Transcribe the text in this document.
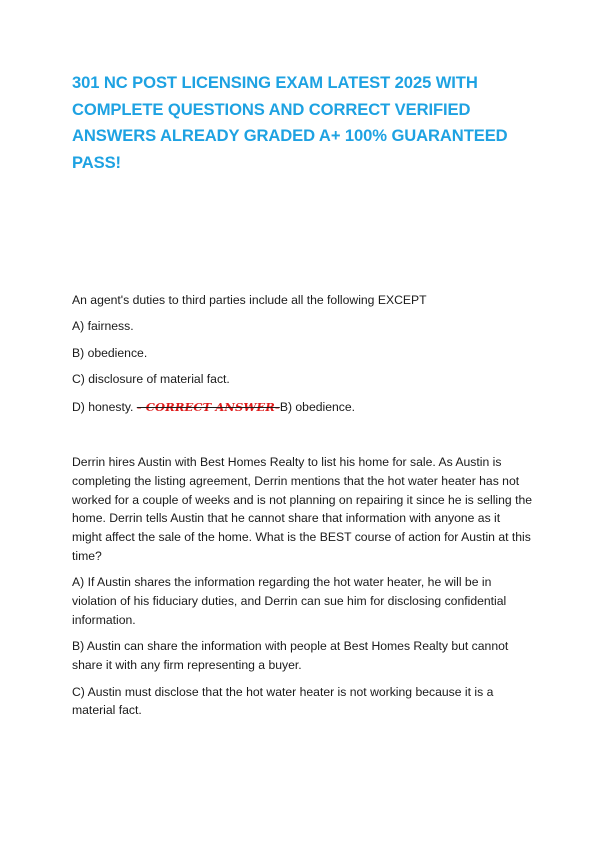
301 NC POST LICENSING EXAM LATEST 2025 WITH COMPLETE QUESTIONS AND CORRECT VERIFIED ANSWERS ALREADY GRADED A+ 100% GUARANTEED PASS!

An agent's duties to third parties include all the following EXCEPT

A) fairness.

B) obedience.

C) disclosure of material fact.

D) honesty. - CORRECT ANSWER-B) obedience.

Derrin hires Austin with Best Homes Realty to list his home for sale. As Austin is completing the listing agreement, Derrin mentions that the hot water heater has not worked for a couple of weeks and is not planning on repairing it since he is selling the home. Derrin tells Austin that he cannot share that information with anyone as it might affect the sale of the home. What is the BEST course of action for Austin at this time?

A) If Austin shares the information regarding the hot water heater, he will be in violation of his fiduciary duties, and Derrin can sue him for disclosing confidential information.

B) Austin can share the information with people at Best Homes Realty but cannot share it with any firm representing a buyer.

C) Austin must disclose that the hot water heater is not working because it is a material fact.
